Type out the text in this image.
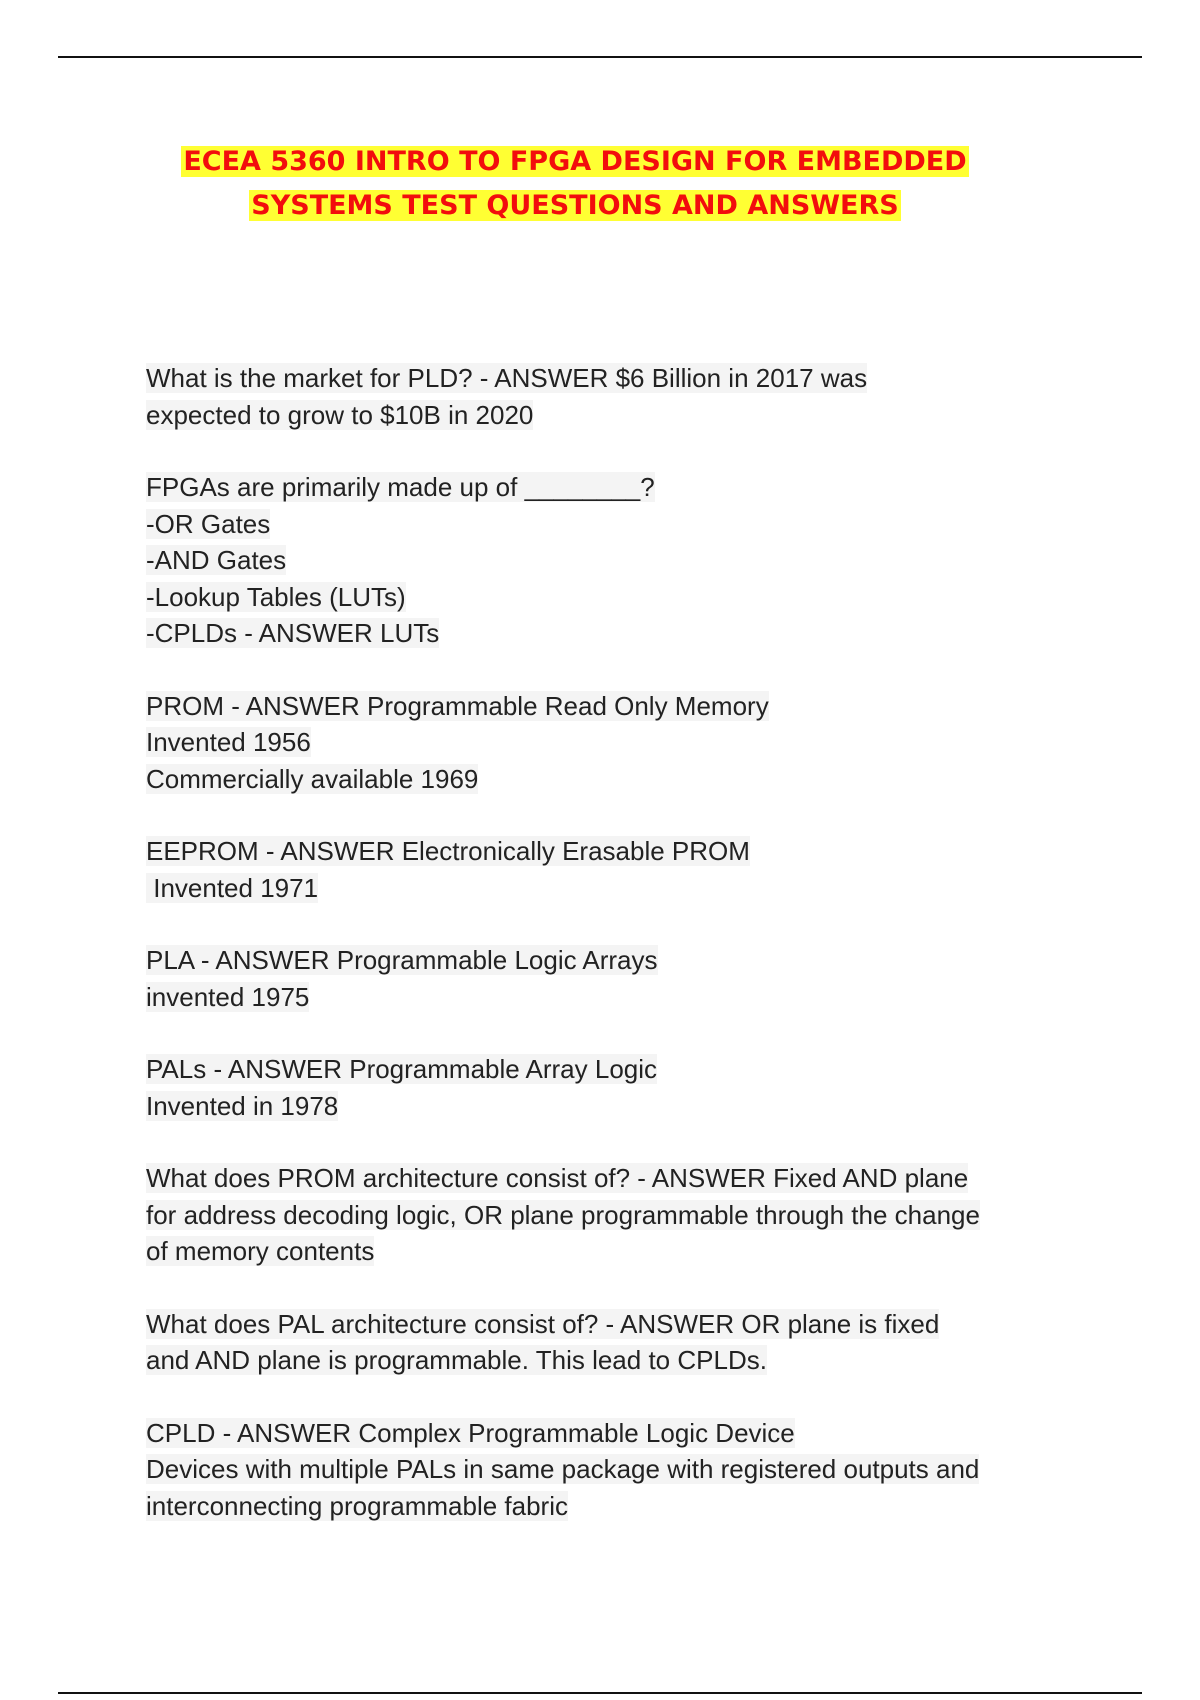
ECEA 5360 INTRO TO FPGA DESIGN FOR EMBEDDED
SYSTEMS TEST QUESTIONS AND ANSWERS
What is the market for PLD? - ANSWER $6 Billion in 2017 was
expected to grow to $10B in 2020
FPGAs are primarily made up of ________?
-OR Gates
-AND Gates
-Lookup Tables (LUTs)
-CPLDs - ANSWER LUTs
PROM - ANSWER Programmable Read Only Memory
Invented 1956
Commercially available 1969
EEPROM - ANSWER Electronically Erasable PROM
Invented 1971
PLA - ANSWER Programmable Logic Arrays
invented 1975
PALs - ANSWER Programmable Array Logic
Invented in 1978
What does PROM architecture consist of? - ANSWER Fixed AND plane
for address decoding logic, OR plane programmable through the change
of memory contents
What does PAL architecture consist of? - ANSWER OR plane is fixed
and AND plane is programmable. This lead to CPLDs.
CPLD - ANSWER Complex Programmable Logic Device
Devices with multiple PALs in same package with registered outputs and
interconnecting programmable fabric
